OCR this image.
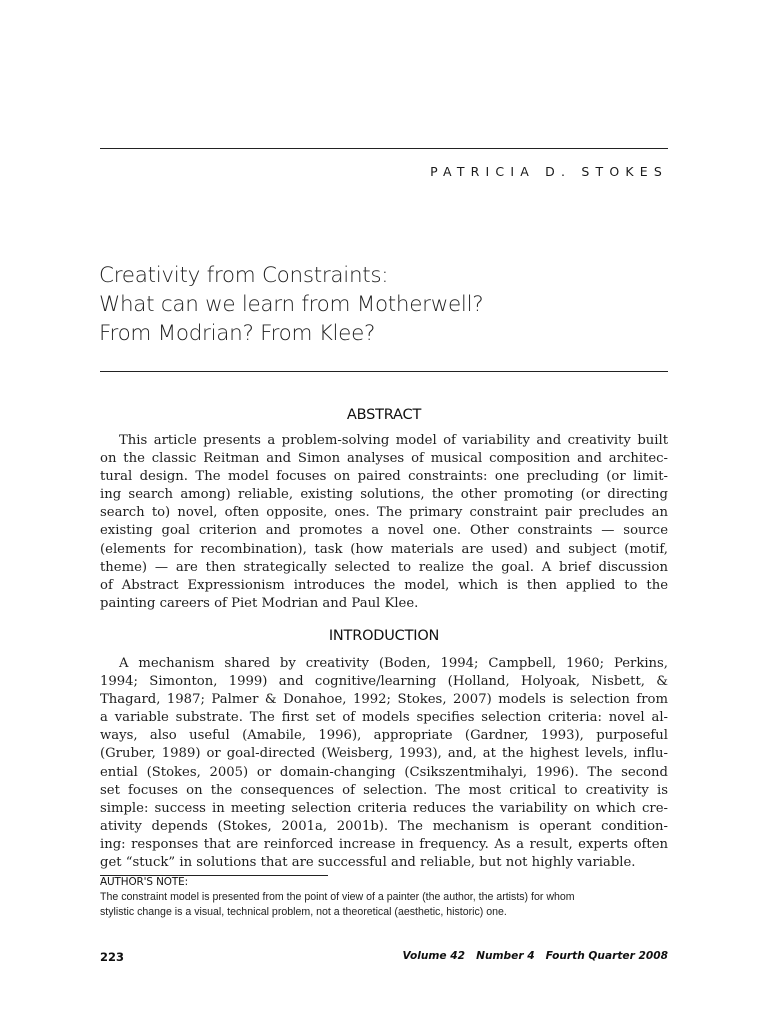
PATRICIA D. STOKES
Creativity from Constraints:
What can we learn from Motherwell?
From Modrian? From Klee?
ABSTRACT
This article presents a problem-solving model of variability and creativity built
on the classic Reitman and Simon analyses of musical composition and architec-
tural design. The model focuses on paired constraints: one precluding (or limit-
ing search among) reliable, existing solutions, the other promoting (or directing
search to) novel, often opposite, ones. The primary constraint pair precludes an
existing goal criterion and promotes a novel one. Other constraints — source
(elements for recombination), task (how materials are used) and subject (motif,
theme) — are then strategically selected to realize the goal. A brief discussion
of Abstract Expressionism introduces the model, which is then applied to the
painting careers of Piet Modrian and Paul Klee.
INTRODUCTION
A mechanism shared by creativity (Boden, 1994; Campbell, 1960; Perkins,
1994; Simonton, 1999) and cognitive/learning (Holland, Holyoak, Nisbett, &
Thagard, 1987; Palmer & Donahoe, 1992; Stokes, 2007) models is selection from
a variable substrate. The first set of models specifies selection criteria: novel al-
ways, also useful (Amabile, 1996), appropriate (Gardner, 1993), purposeful
(Gruber, 1989) or goal-directed (Weisberg, 1993), and, at the highest levels, influ-
ential (Stokes, 2005) or domain-changing (Csikszentmihalyi, 1996). The second
set focuses on the consequences of selection. The most critical to creativity is
simple: success in meeting selection criteria reduces the variability on which cre-
ativity depends (Stokes, 2001a, 2001b). The mechanism is operant condition-
ing: responses that are reinforced increase in frequency. As a result, experts often
get “stuck” in solutions that are successful and reliable, but not highly variable.
AUTHOR'S NOTE:
The constraint model is presented from the point of view of a painter (the author, the artists) for whom
stylistic change is a visual, technical problem, not a theoretical (aesthetic, historic) one.
223	Volume 42   Number 4   Fourth Quarter 2008
